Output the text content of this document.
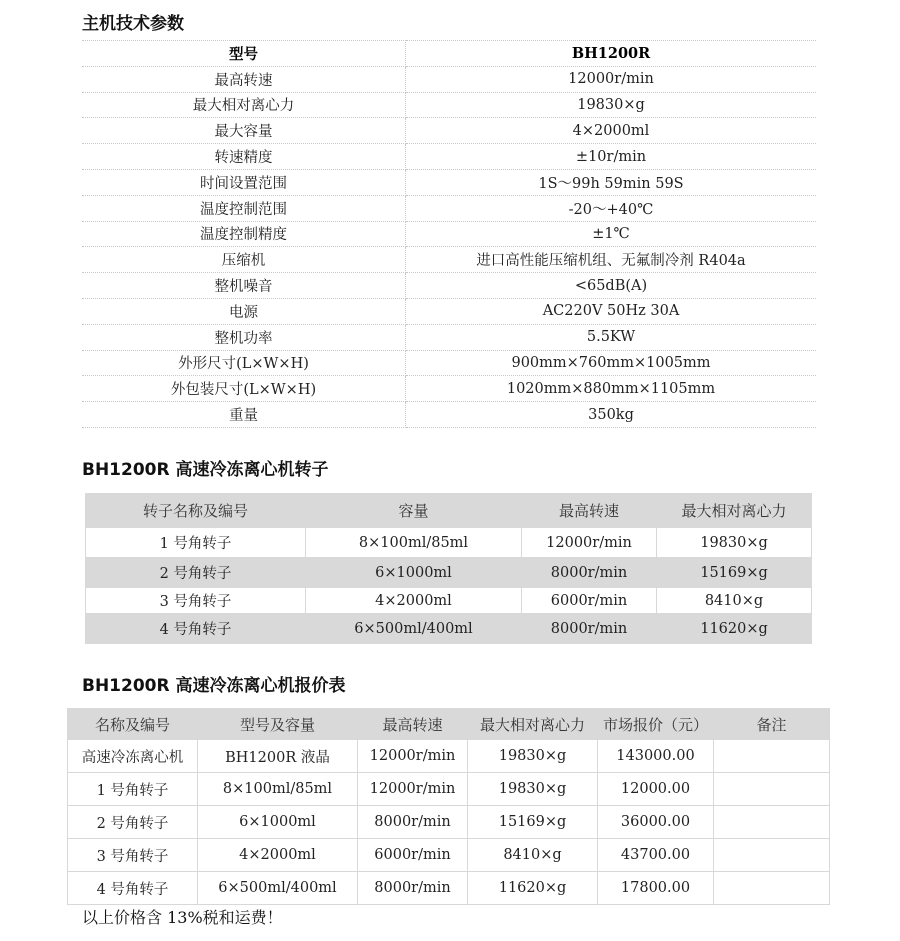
主机技术参数
型号	BH1200R
最高转速	12000r/min
最大相对离心力	19830×g
最大容量	4×2000ml
转速精度	±10r/min
时间设置范围	1S～99h 59min 59S
温度控制范围	-20～+40℃
温度控制精度	±1℃
压缩机	进口高性能压缩机组、无氟制冷剂 R404a
整机噪音	<65dB(A)
电源	AC220V 50Hz 30A
整机功率	5.5KW
外形尺寸(L×W×H)	900mm×760mm×1005mm
外包装尺寸(L×W×H)	1020mm×880mm×1105mm
重量	350kg
BH1200R 高速冷冻离心机转子
转子名称及编号	容量	最高转速	最大相对离心力
1 号角转子	8×100ml/85ml	12000r/min	19830×g
2 号角转子	6×1000ml	8000r/min	15169×g
3 号角转子	4×2000ml	6000r/min	8410×g
4 号角转子	6×500ml/400ml	8000r/min	11620×g
BH1200R 高速冷冻离心机报价表
名称及编号	型号及容量	最高转速	最大相对离心力	市场报价（元）	备注
高速冷冻离心机	BH1200R 液晶	12000r/min	19830×g	143000.00	
1 号角转子	8×100ml/85ml	12000r/min	19830×g	12000.00	
2 号角转子	6×1000ml	8000r/min	15169×g	36000.00	
3 号角转子	4×2000ml	6000r/min	8410×g	43700.00	
4 号角转子	6×500ml/400ml	8000r/min	11620×g	17800.00	

以上价格含 13%税和运费！
